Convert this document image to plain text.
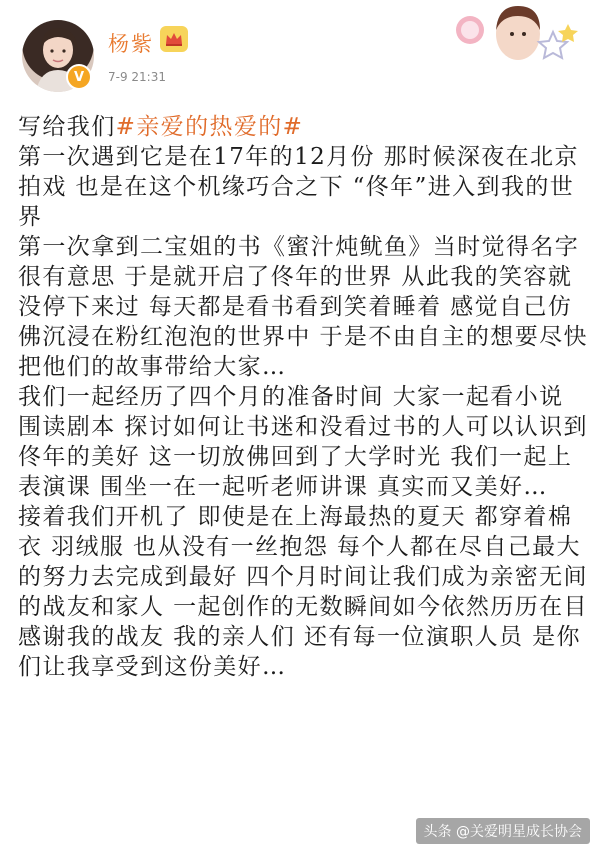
V
杨紫
7-9 21:31

写给我们#亲爱的热爱的#

第一次遇到它是在17年的12月份 那时候深夜在北京拍戏 也是在这个机缘巧合之下 “佟年”进入到我的世界

第一次拿到二宝姐的书《蜜汁炖鱿鱼》当时觉得名字很有意思 于是就开启了佟年的世界 从此我的笑容就没停下来过 每天都是看书看到笑着睡着 感觉自己仿佛沉浸在粉红泡泡的世界中 于是不由自主的想要尽快把他们的故事带给大家…

我们一起经历了四个月的准备时间 大家一起看小说 围读剧本 探讨如何让书迷和没看过书的人可以认识到佟年的美好 这一切放佛回到了大学时光 我们一起上表演课 围坐一在一起听老师讲课 真实而又美好…

接着我们开机了 即使是在上海最热的夏天 都穿着棉衣 羽绒服 也从没有一丝抱怨 每个人都在尽自己最大的努力去完成到最好 四个月时间让我们成为亲密无间的战友和家人 一起创作的无数瞬间如今依然历历在目 感谢我的战友 我的亲人们 还有每一位演职人员 是你们让我享受到这份美好…

头条 @关爱明星成长协会
